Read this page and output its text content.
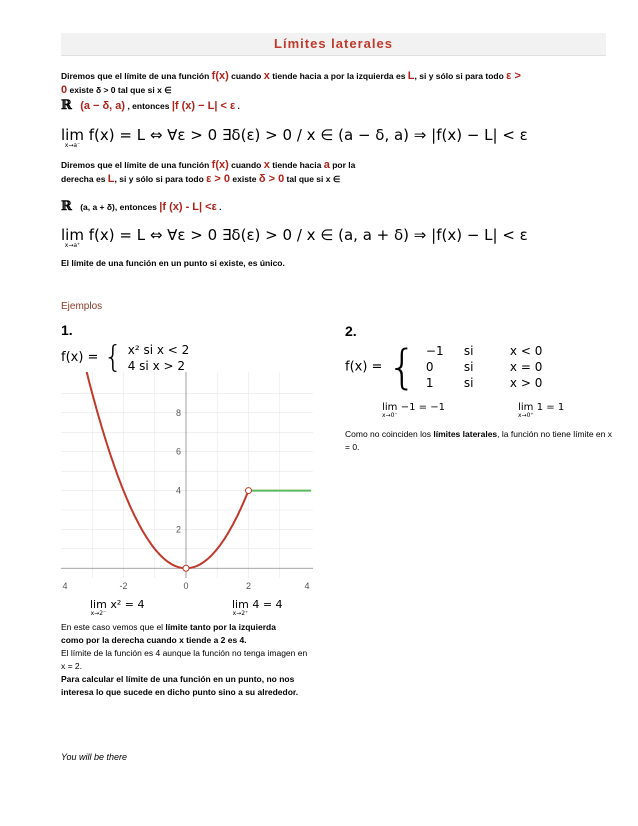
Límites laterales
Diremos que el límite de una función f(x) cuando x tiende hacia a por la izquierda es L, si y sólo si para todo ε >
0 existe δ > 0 tal que si x ∈
ℝ (a − δ, a) , entonces |f (x) − L| < ε .
lim
x→a⁻
f(x) = L ⇔ ∀ε > 0 ∃δ(ε) > 0 / x ∈ (a − δ, a) ⇒ |f(x) − L| < ε
Diremos que el límite de una función f(x) cuando x tiende hacia a por la
derecha es L, si y sólo si para todo ε > 0 existe δ > 0 tal que si x ∈
ℝ (a, a + δ), entonces |f (x) - L| <ε .
lim
x→a⁺
f(x) = L ⇔ ∀ε > 0 ∃δ(ε) > 0 / x ∈ (a, a + δ) ⇒ |f(x) − L| < ε
El límite de una función en un punto si existe, es único.
Ejemplos
1.
f(x) = { x² si x < 2
4 si x > 2
4	-2	0	2	4
2
4
6
8
lim
x→2⁻
x² = 4	lim
x→2⁺
4 = 4
En este caso vemos que el límite tanto por la izquierda
como por la derecha cuando x tiende a 2 es 4.
El límite de la función es 4 aunque la función no tenga imagen en x = 2.
Para calcular el límite de una función en un punto, no nos interesa lo que sucede en dicho punto sino a su alrededor.
2.
f(x) = { −1	si	x < 0
0	si	x = 0
1	si	x > 0
lim
x→0⁻
−1 = −1	lim
x→0⁺
1 = 1
Como no coinciden los límites laterales, la función no tiene límite en x = 0.
You will be there
